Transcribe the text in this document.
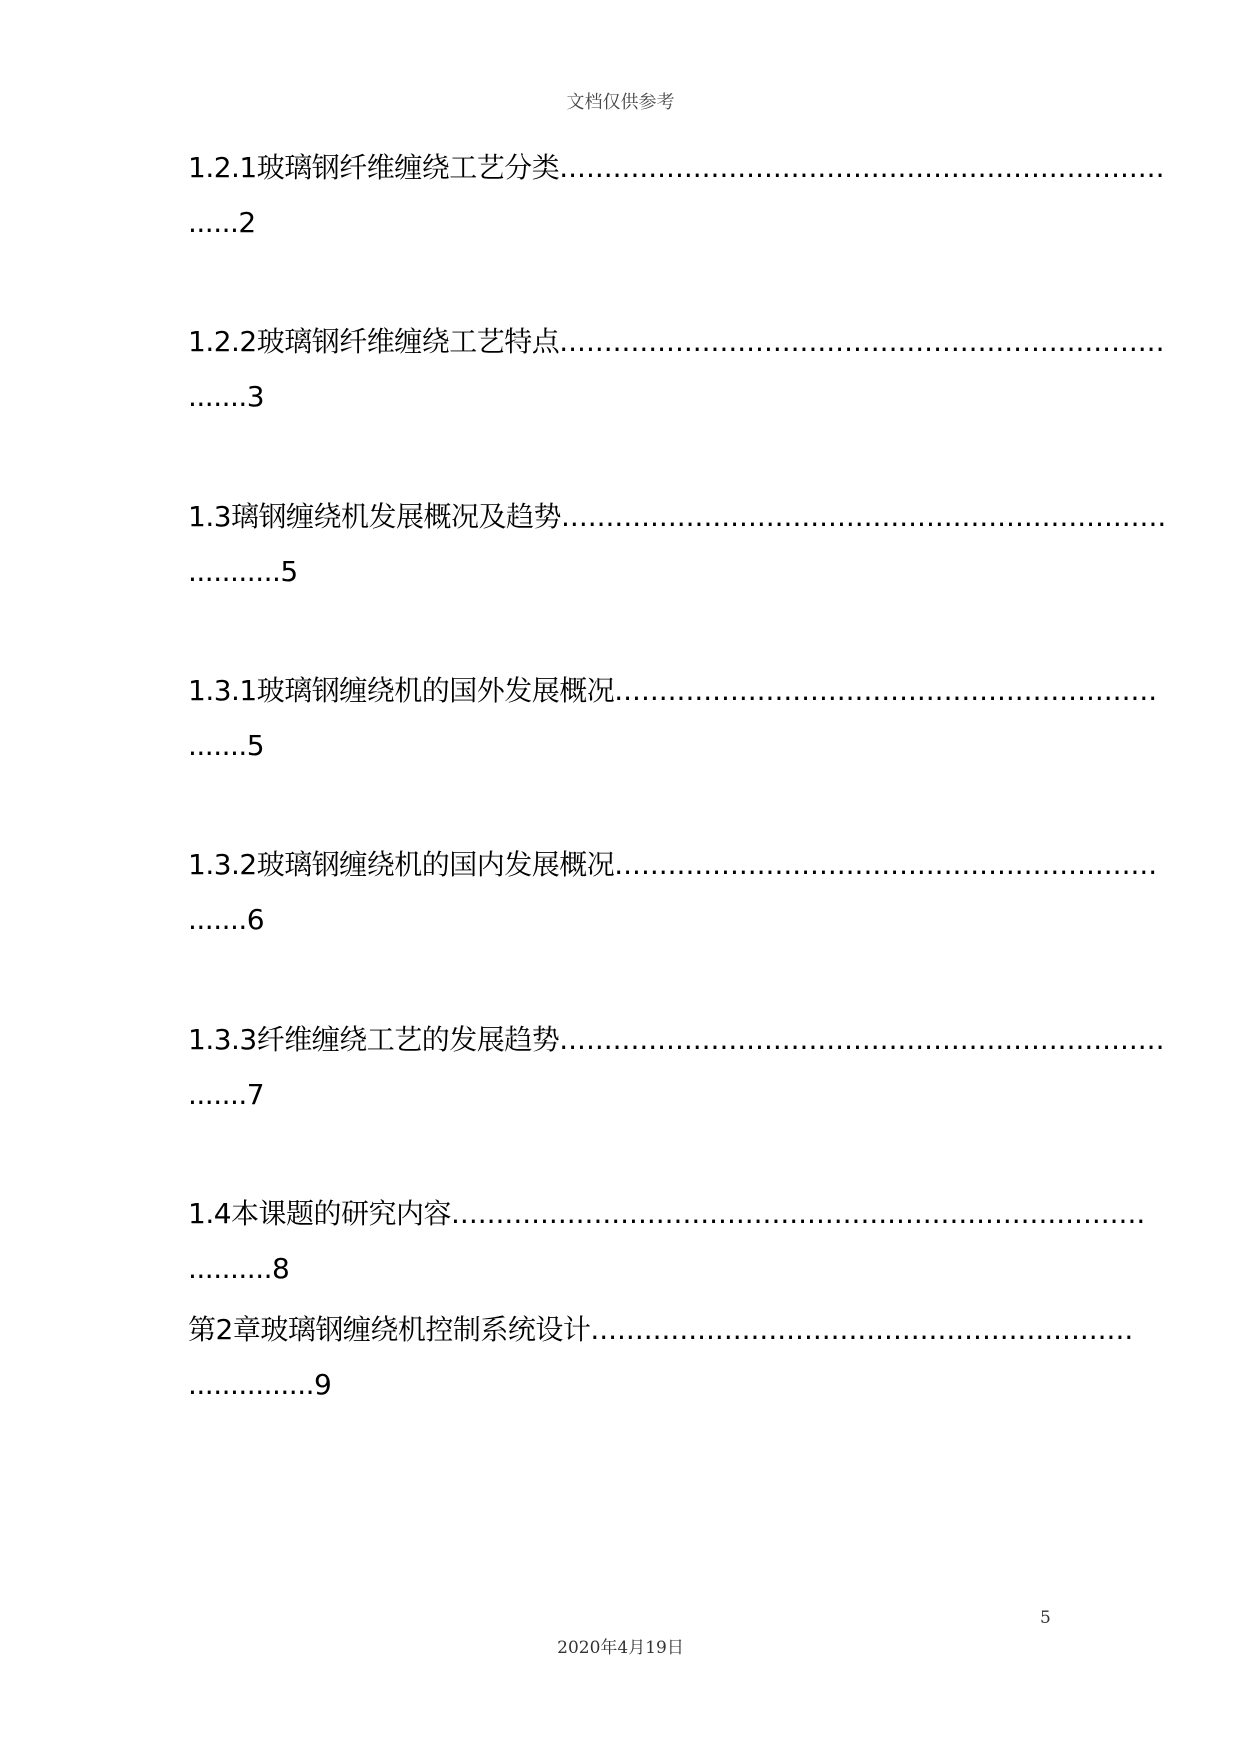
文档仅供参考
1.2.1玻璃钢纤维缠绕工艺分类....................................................................
......2
1.2.2玻璃钢纤维缠绕工艺特点....................................................................
.......3
1.3璃钢缠绕机发展概况及趋势....................................................................
...........5
1.3.1玻璃钢缠绕机的国外发展概况.............................................................
.......5
1.3.2玻璃钢缠绕机的国内发展概况.............................................................
.......6
1.3.3纤维缠绕工艺的发展趋势....................................................................
.......7
1.4本课题的研究内容..............................................................................
..........8
第2章玻璃钢缠绕机控制系统设计.............................................................
...............9
5
2020年4月19日
